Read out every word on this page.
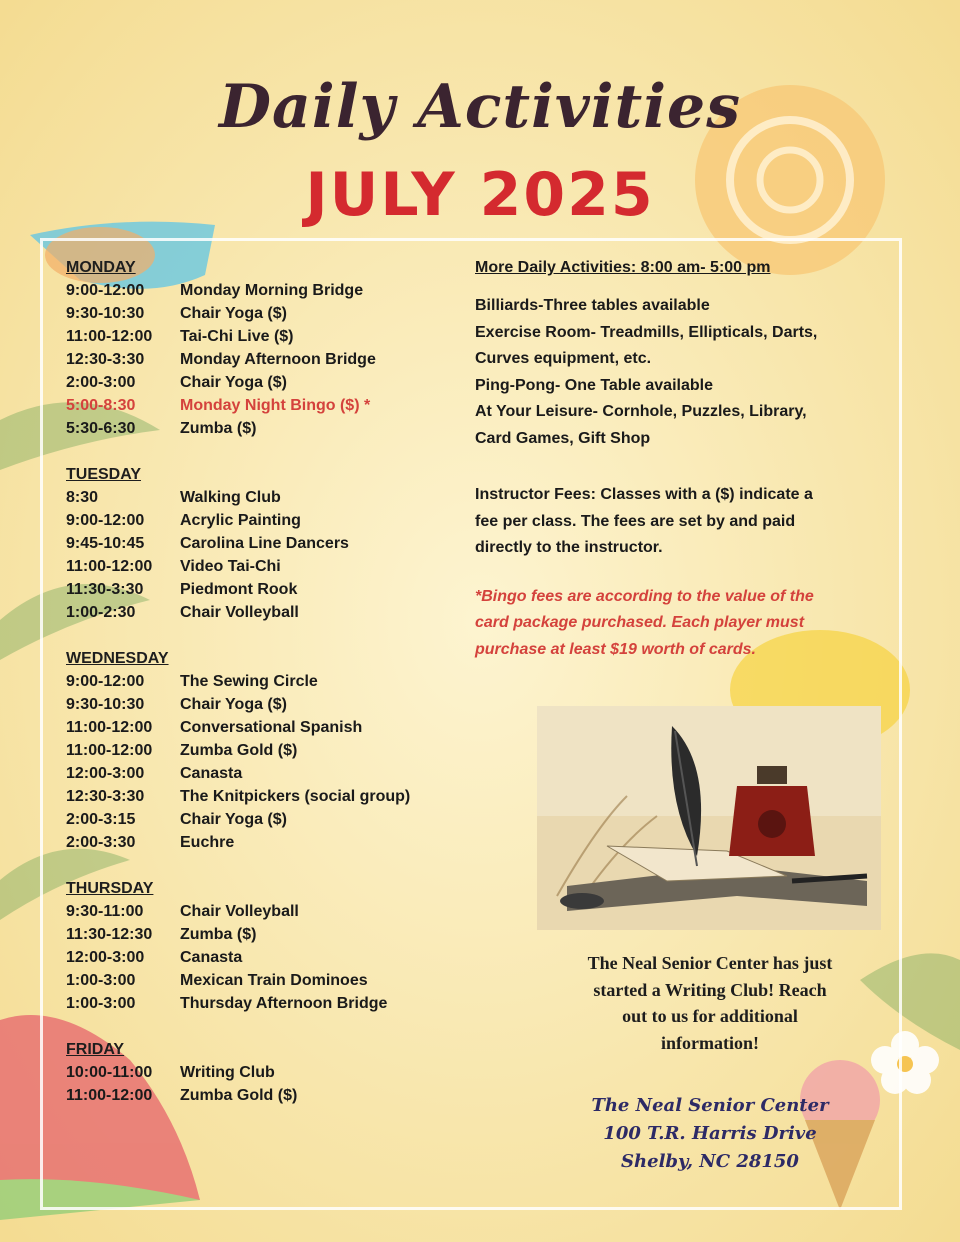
Daily Activities
JULY 2025
MONDAY
9:00-12:00	Monday Morning Bridge
9:30-10:30	Chair Yoga ($)
11:00-12:00	Tai-Chi Live ($)
12:30-3:30	Monday Afternoon Bridge
2:00-3:00	Chair Yoga ($)
5:00-8:30	Monday Night Bingo ($) *
5:30-6:30	Zumba ($)
TUESDAY
8:30	Walking Club
9:00-12:00	Acrylic Painting
9:45-10:45	Carolina Line Dancers
11:00-12:00	Video Tai-Chi
11:30-3:30	Piedmont Rook
1:00-2:30	Chair Volleyball
WEDNESDAY
9:00-12:00	The Sewing Circle
9:30-10:30	Chair Yoga ($)
11:00-12:00	Conversational Spanish
11:00-12:00	Zumba Gold ($)
12:00-3:00	Canasta
12:30-3:30	The Knitpickers (social group)
2:00-3:15	Chair Yoga ($)
2:00-3:30	Euchre
THURSDAY
9:30-11:00	Chair Volleyball
11:30-12:30	Zumba ($)
12:00-3:00	Canasta
1:00-3:00	Mexican Train Dominoes
1:00-3:00	Thursday Afternoon Bridge
FRIDAY
10:00-11:00	Writing Club
11:00-12:00	Zumba Gold ($)
More Daily Activities: 8:00 am- 5:00 pm
Billiards-Three tables available
Exercise Room- Treadmills, Ellipticals, Darts,
Curves equipment, etc.
Ping-Pong- One Table available
At Your Leisure- Cornhole, Puzzles, Library,
Card Games, Gift Shop
Instructor Fees: Classes with a ($) indicate a
fee per class. The fees are set by and paid
directly to the instructor.
*Bingo fees are according to the value of the
card package purchased. Each player must
purchase at least $19 worth of cards.
The Neal Senior Center has just
started a Writing Club! Reach
out to us for additional
information!
The Neal Senior Center
100 T.R. Harris Drive
Shelby, NC 28150
